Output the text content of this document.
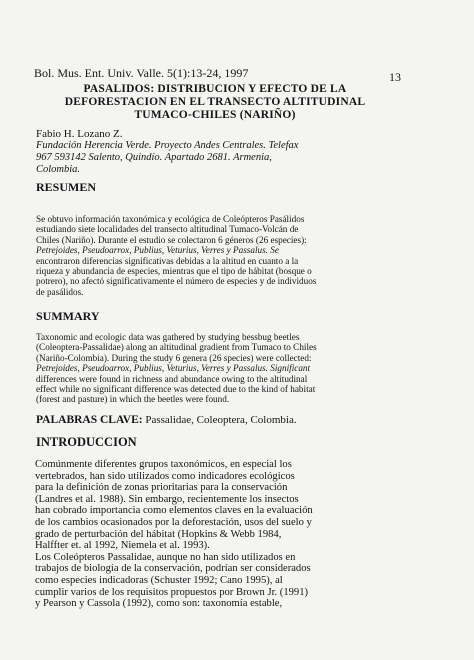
Bol. Mus. Ent. Univ. Valle. 5(1):13-24, 1997	13
PASALIDOS: DISTRIBUCION Y EFECTO DE LA
DEFORESTACION EN EL TRANSECTO ALTITUDINAL
TUMACO-CHILES (NARIÑO)
Fabio H. Lozano Z.
Fundación Herencia Verde. Proyecto Andes Centrales. Telefax
967 593142 Salento, Quindío. Apartado 2681. Armenia,
Colombia.
RESUMEN
Se obtuvo información taxonómica y ecológica de Coleópteros Pasálidos
estudiando siete localidades del transecto altitudinal Tumaco-Volcán de
Chiles (Nariño). Durante el estudio se colectaron 6 géneros (26 especies):
Petrejoides, Pseudoarrox, Publius, Veturius, Verres y Passalus. Se
encontraron diferencias significativas debidas a la altitud en cuanto a la
riqueza y abundancia de especies, mientras que el tipo de hábitat (bosque o
potrero), no afectó significativamente el número de especies y de individuos
de pasálidos.
SUMMARY
Taxonomic and ecologic data was gathered by studying bessbug beetles
(Coleoptera-Passalidae) along an altitudinal gradient from Tumaco to Chiles
(Nariño-Colombia). During the study 6 genera (26 species) were collected:
Petrejoides, Pseudoarrox, Publius, Veturius, Verres y Passalus. Significant
differences were found in richness and abundance owing to the altitudinal
effect while no significant difference was detected due to the kind of habitat
(forest and pasture) in which the beetles were found.
PALABRAS CLAVE: Passalidae, Coleoptera, Colombia.
INTRODUCCION
Comúnmente diferentes grupos taxonómicos, en especial los
vertebrados, han sido utilizados como indicadores ecológicos
para la definición de zonas prioritarias para la conservación
(Landres et al. 1988). Sin embargo, recientemente los insectos
han cobrado importancia como elementos claves en la evaluación
de los cambios ocasionados por la deforestación, usos del suelo y
grado de perturbación del hábitat (Hopkins & Webb 1984,
Halffter et. al 1992, Niemela et al. 1993).
Los Coleópteros Passalidae, aunque no han sido utilizados en
trabajos de biología de la conservación, podrían ser considerados
como especies indicadoras (Schuster 1992; Cano 1995), al
cumplir varios de los requisitos propuestos por Brown Jr. (1991)
y Pearson y Cassola (1992), como son: taxonomía estable,
